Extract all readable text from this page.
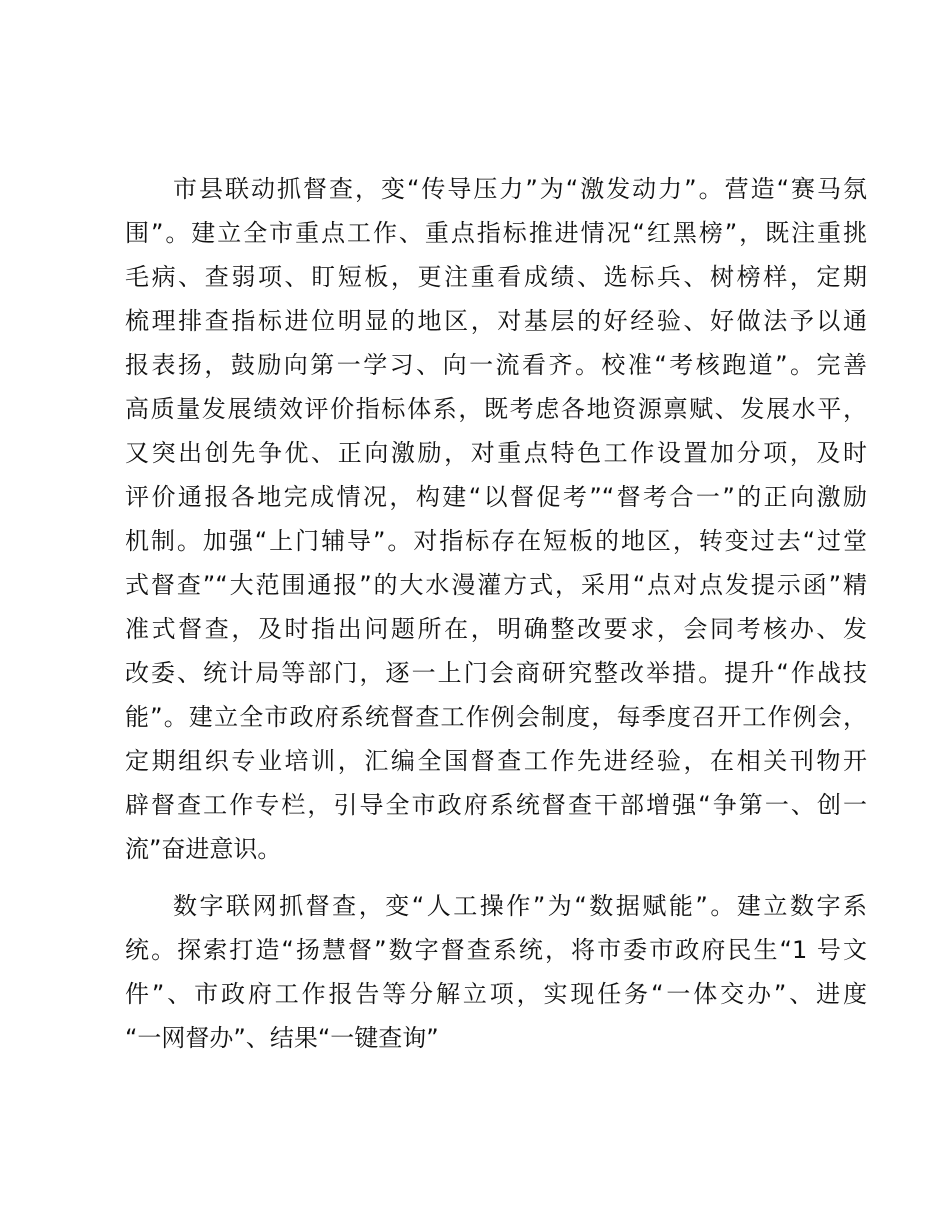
市县联动抓督查，变“传导压力”为“激发动力”。营造“赛马氛
围”。建立全市重点工作、重点指标推进情况“红黑榜”，既注重挑
毛病、查弱项、盯短板，更注重看成绩、选标兵、树榜样，定期
梳理排查指标进位明显的地区，对基层的好经验、好做法予以通
报表扬，鼓励向第一学习、向一流看齐。校准“考核跑道”。完善
高质量发展绩效评价指标体系，既考虑各地资源禀赋、发展水平，
又突出创先争优、正向激励，对重点特色工作设置加分项，及时
评价通报各地完成情况，构建“以督促考”“督考合一”的正向激励
机制。加强“上门辅导”。对指标存在短板的地区，转变过去“过堂
式督查”“大范围通报”的大水漫灌方式，采用“点对点发提示函”精
准式督查，及时指出问题所在，明确整改要求，会同考核办、发
改委、统计局等部门，逐一上门会商研究整改举措。提升“作战技
能”。建立全市政府系统督查工作例会制度，每季度召开工作例会，
定期组织专业培训，汇编全国督查工作先进经验，在相关刊物开
辟督查工作专栏，引导全市政府系统督查干部增强“争第一、创一
流”奋进意识。
数字联网抓督查，变“人工操作”为“数据赋能”。建立数字系
统。探索打造“扬慧督”数字督查系统，将市委市政府民生“1 号文
件”、市政府工作报告等分解立项，实现任务“一体交办”、进度
“一网督办”、结果“一键查询”
